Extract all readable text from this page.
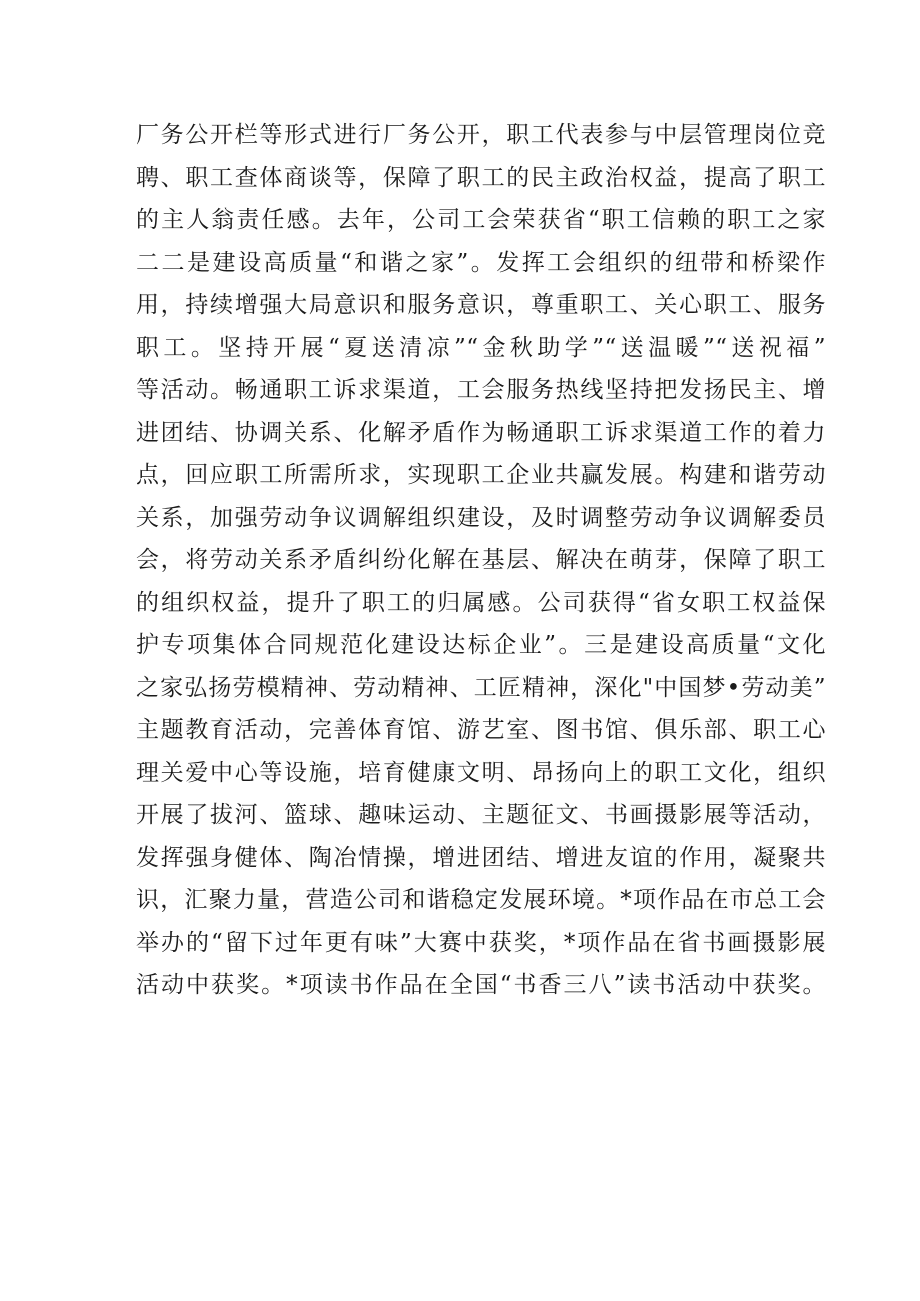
厂务公开栏等形式进行厂务公开，职工代表参与中层管理岗位竞
聘、职工查体商谈等，保障了职工的民主政治权益，提高了职工
的主人翁责任感。去年，公司工会荣获省“职工信赖的职工之家
二二是建设高质量“和谐之家”。发挥工会组织的纽带和桥梁作
用，持续增强大局意识和服务意识，尊重职工、关心职工、服务
职工。坚持开展“夏送清凉”“金秋助学”“送温暖”“送祝福”
等活动。畅通职工诉求渠道，工会服务热线坚持把发扬民主、增
进团结、协调关系、化解矛盾作为畅通职工诉求渠道工作的着力
点，回应职工所需所求，实现职工企业共赢发展。构建和谐劳动
关系，加强劳动争议调解组织建设，及时调整劳动争议调解委员
会，将劳动关系矛盾纠纷化解在基层、解决在萌芽，保障了职工
的组织权益，提升了职工的归属感。公司获得“省女职工权益保
护专项集体合同规范化建设达标企业”。三是建设高质量“文化
之家弘扬劳模精神、劳动精神、工匠精神，深化"中国梦•劳动美”
主题教育活动，完善体育馆、游艺室、图书馆、俱乐部、职工心
理关爱中心等设施，培育健康文明、昂扬向上的职工文化，组织
开展了拔河、篮球、趣味运动、主题征文、书画摄影展等活动，
发挥强身健体、陶冶情操，增进团结、增进友谊的作用，凝聚共
识，汇聚力量，营造公司和谐稳定发展环境。*项作品在市总工会
举办的“留下过年更有味”大赛中获奖，*项作品在省书画摄影展
活动中获奖。*项读书作品在全国“书香三八”读书活动中获奖。
